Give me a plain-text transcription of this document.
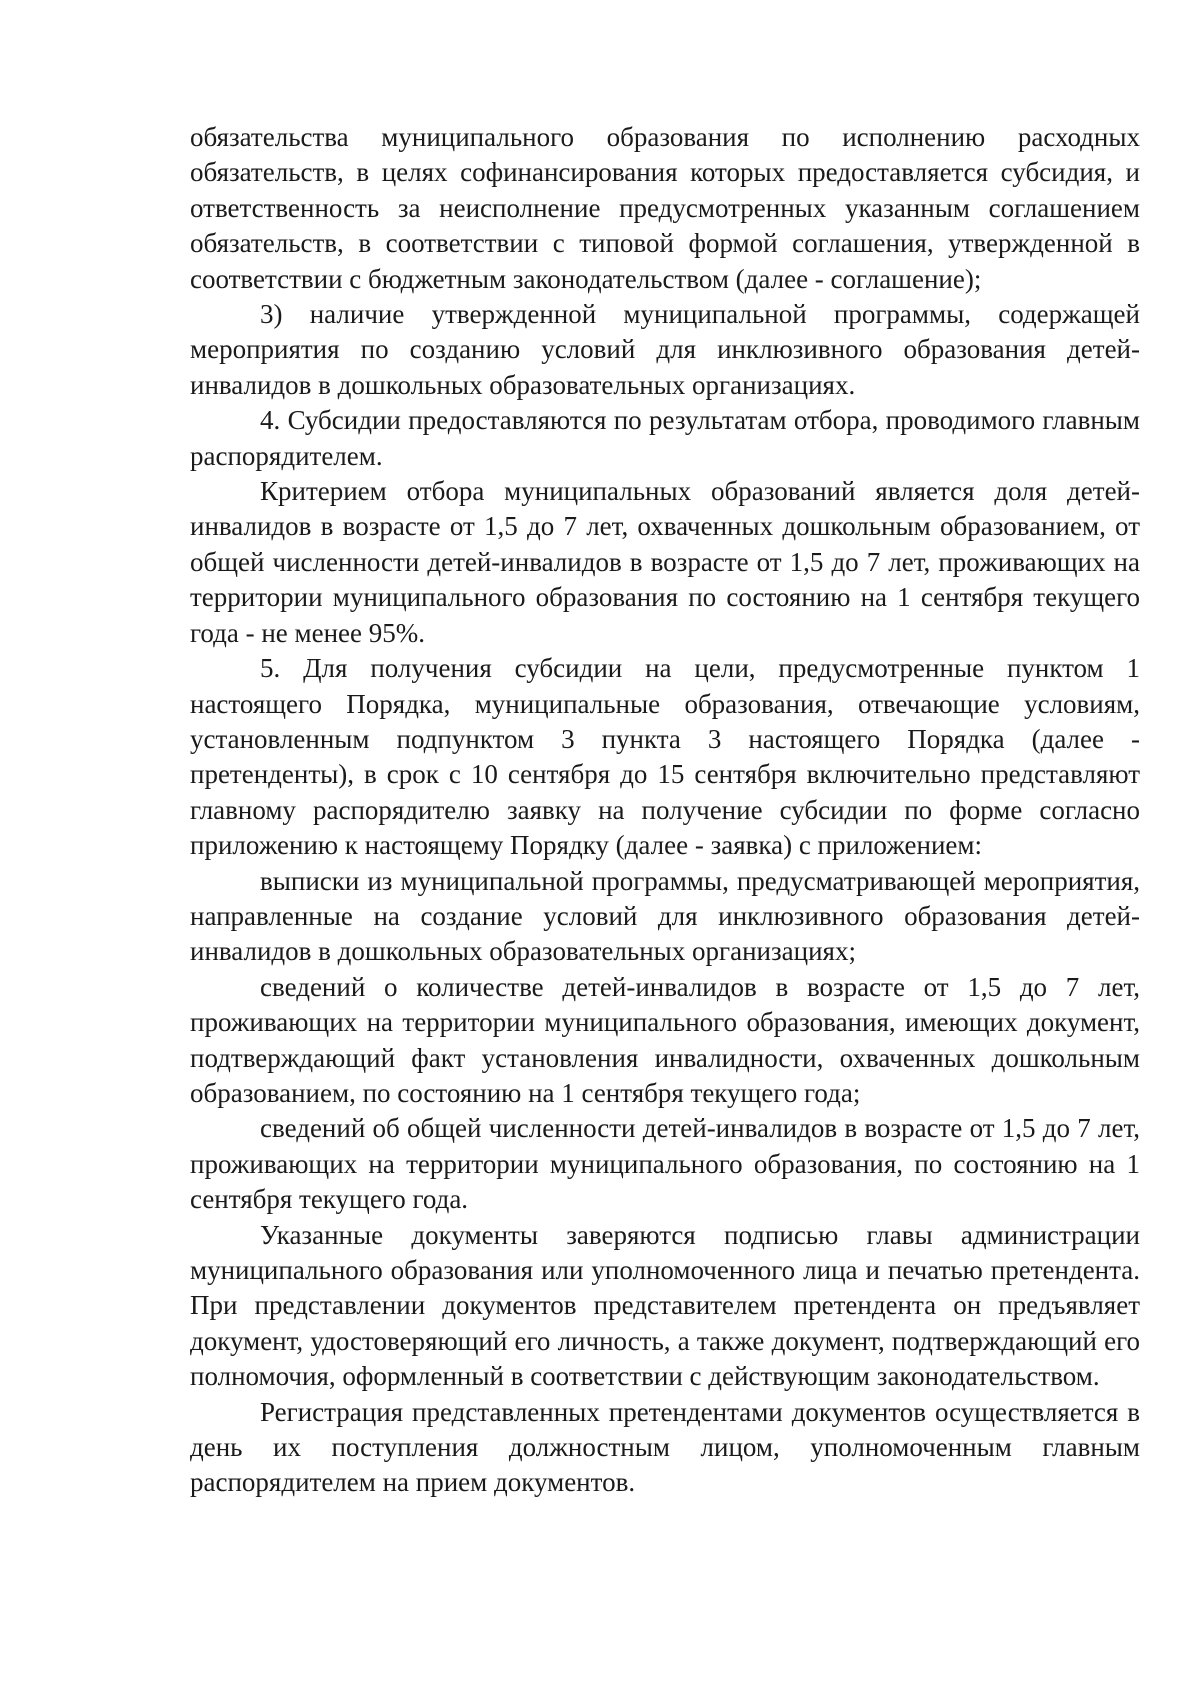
обязательства муниципального образования по исполнению расходных обязательств, в целях софинансирования которых предоставляется субсидия, и ответственность за неисполнение предусмотренных указанным соглашением обязательств, в соответствии с типовой формой соглашения, утвержденной в соответствии с бюджетным законодательством (далее - соглашение);

3) наличие утвержденной муниципальной программы, содержащей мероприятия по созданию условий для инклюзивного образования детей-инвалидов в дошкольных образовательных организациях.

4. Субсидии предоставляются по результатам отбора, проводимого главным распорядителем.

Критерием отбора муниципальных образований является доля детей-инвалидов в возрасте от 1,5 до 7 лет, охваченных дошкольным образованием, от общей численности детей-инвалидов в возрасте от 1,5 до 7 лет, проживающих на территории муниципального образования по состоянию на 1 сентября текущего года - не менее 95%.

5. Для получения субсидии на цели, предусмотренные пунктом 1 настоящего Порядка, муниципальные образования, отвечающие условиям, установленным подпунктом 3 пункта 3 настоящего Порядка (далее - претенденты), в срок с 10 сентября до 15 сентября включительно представляют главному распорядителю заявку на получение субсидии по форме согласно приложению к настоящему Порядку (далее - заявка) с приложением:

выписки из муниципальной программы, предусматривающей мероприятия, направленные на создание условий для инклюзивного образования детей-инвалидов в дошкольных образовательных организациях;

сведений о количестве детей-инвалидов в возрасте от 1,5 до 7 лет, проживающих на территории муниципального образования, имеющих документ, подтверждающий факт установления инвалидности, охваченных дошкольным образованием, по состоянию на 1 сентября текущего года;

сведений об общей численности детей-инвалидов в возрасте от 1,5 до 7 лет, проживающих на территории муниципального образования, по состоянию на 1 сентября текущего года.

Указанные документы заверяются подписью главы администрации муниципального образования или уполномоченного лица и печатью претендента. При представлении документов представителем претендента он предъявляет документ, удостоверяющий его личность, а также документ, подтверждающий его полномочия, оформленный в соответствии с действующим законодательством.

Регистрация представленных претендентами документов осуществляется в день их поступления должностным лицом, уполномоченным главным распорядителем на прием документов.
